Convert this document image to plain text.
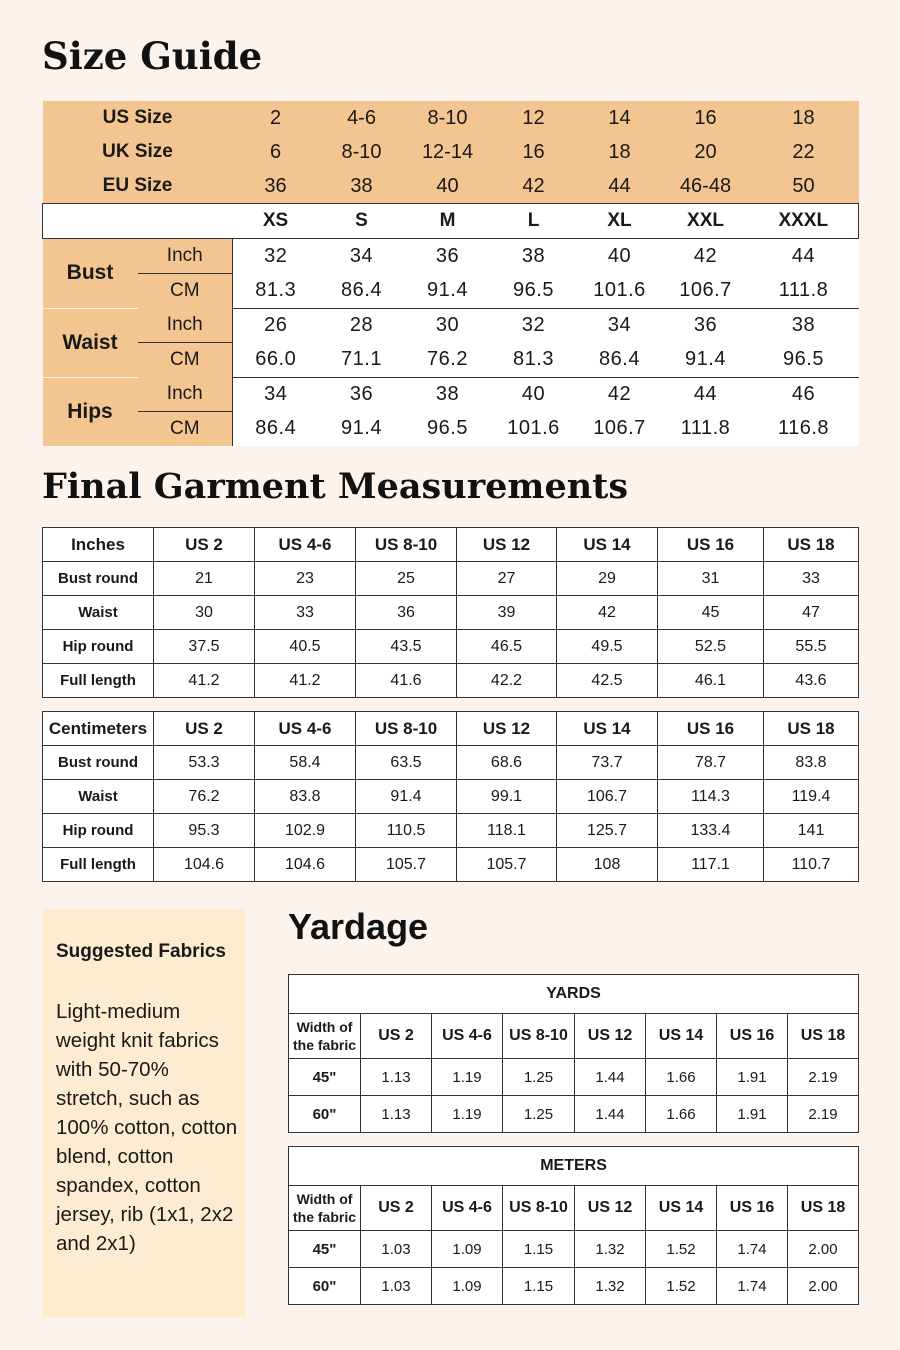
Size Guide
US Size		2	4-6	8-10	12	14	16	18
UK Size		6	8-10	12-14	16	18	20	22
EU Size		36	38	40	42	44	46-48	50
		XS	S	M	L	XL	XXL	XXXL
Bust	Inch	32	34	36	38	40	42	44
	CM	81.3	86.4	91.4	96.5	101.6	106.7	111.8
Waist	Inch	26	28	30	32	34	36	38
	CM	66.0	71.1	76.2	81.3	86.4	91.4	96.5
Hips	Inch	34	36	38	40	42	44	46
	CM	86.4	91.4	96.5	101.6	106.7	111.8	116.8
Final Garment Measurements
Inches	US 2	US 4-6	US 8-10	US 12	US 14	US 16	US 18
Bust round	21	23	25	27	29	31	33
Waist	30	33	36	39	42	45	47
Hip round	37.5	40.5	43.5	46.5	49.5	52.5	55.5
Full length	41.2	41.2	41.6	42.2	42.5	46.1	43.6
Centimeters	US 2	US 4-6	US 8-10	US 12	US 14	US 16	US 18
Bust round	53.3	58.4	63.5	68.6	73.7	78.7	83.8
Waist	76.2	83.8	91.4	99.1	106.7	114.3	119.4
Hip round	95.3	102.9	110.5	118.1	125.7	133.4	141
Full length	104.6	104.6	105.7	105.7	108	117.1	110.7

Suggested Fabrics

Light-medium weight knit fabrics with 50-70% stretch, such as 100% cotton, cotton blend, cotton spandex, cotton jersey, rib (1x1, 2x2 and 2x1)

Yardage
YARDS							
Width of the fabric	US 2	US 4-6	US 8-10	US 12	US 14	US 16	US 18
45"	1.13	1.19	1.25	1.44	1.66	1.91	2.19
60"	1.13	1.19	1.25	1.44	1.66	1.91	2.19
METERS							
Width of the fabric	US 2	US 4-6	US 8-10	US 12	US 14	US 16	US 18
45"	1.03	1.09	1.15	1.32	1.52	1.74	2.00
60"	1.03	1.09	1.15	1.32	1.52	1.74	2.00
